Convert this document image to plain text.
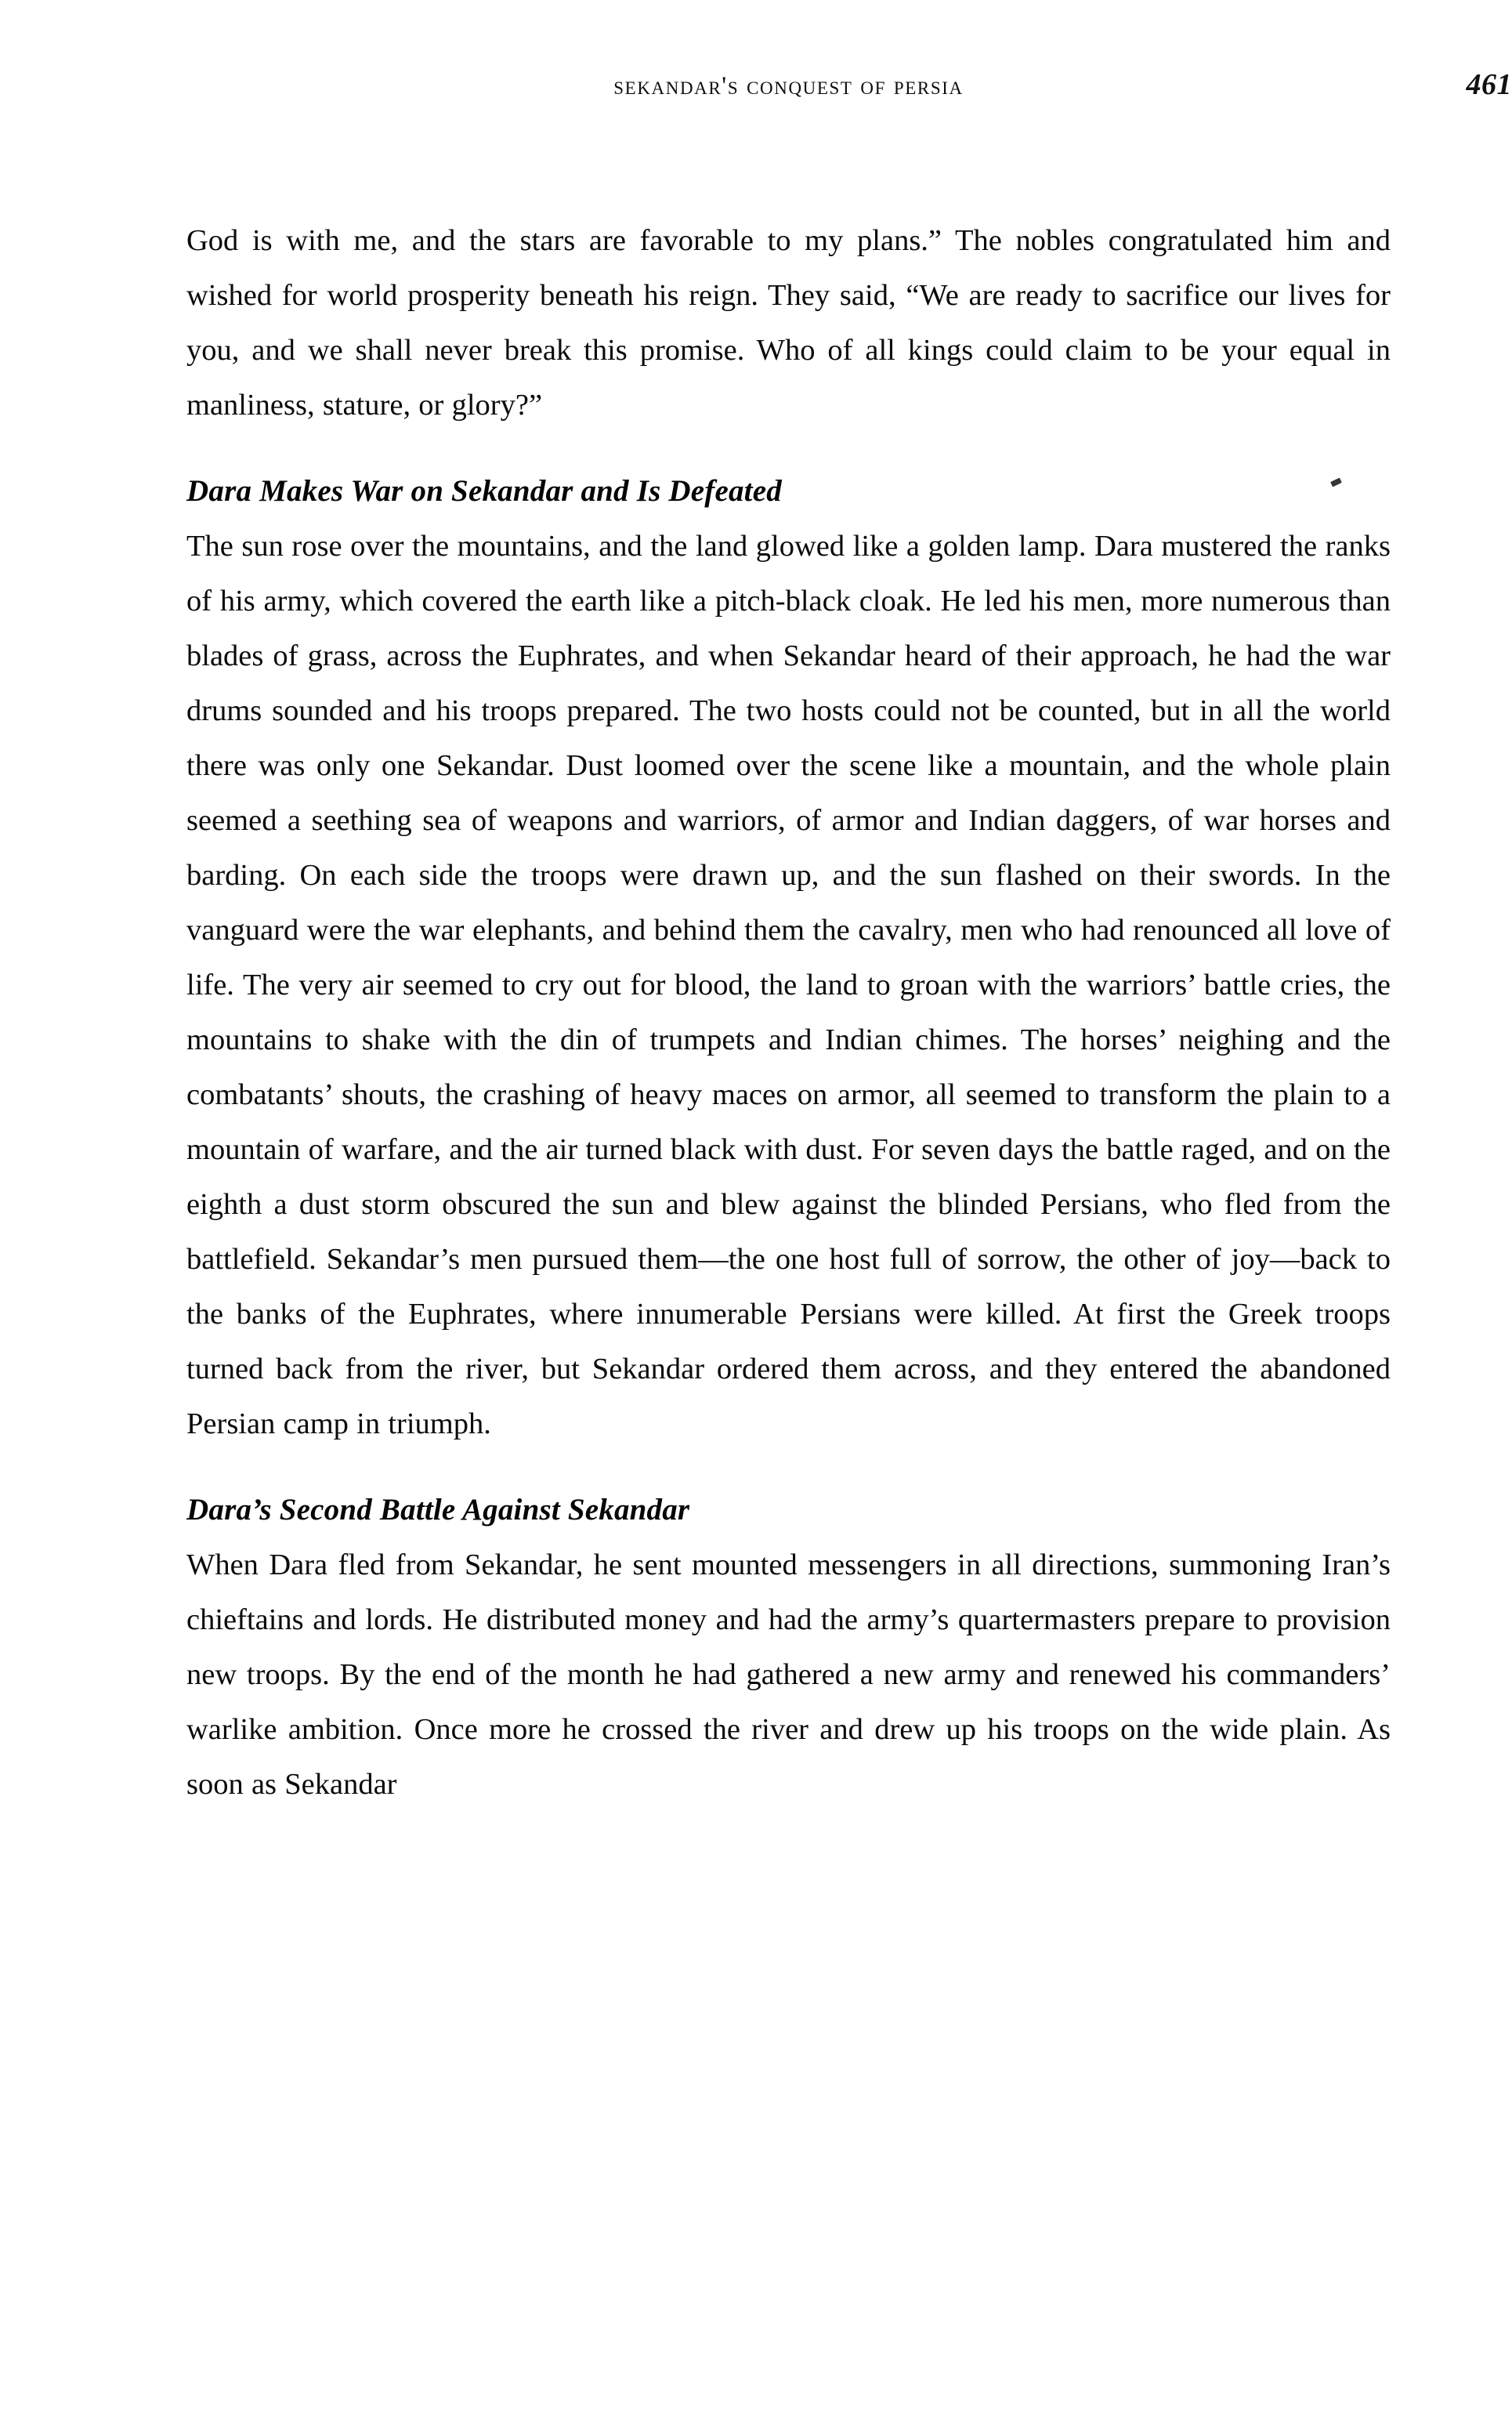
sekandar's conquest of persia	461

God is with me, and the stars are favorable to my plans.” The nobles congratulated him and wished for world prosperity beneath his reign. They said, “We are ready to sacrifice our lives for you, and we shall never break this promise. Who of all kings could claim to be your equal in manliness, stature, or glory?”

Dara Makes War on Sekandar and Is Defeated

The sun rose over the mountains, and the land glowed like a golden lamp. Dara mustered the ranks of his army, which covered the earth like a pitch-black cloak. He led his men, more numerous than blades of grass, across the Euphrates, and when Sekandar heard of their approach, he had the war drums sounded and his troops prepared. The two hosts could not be counted, but in all the world there was only one Sekandar. Dust loomed over the scene like a mountain, and the whole plain seemed a seething sea of weapons and warriors, of armor and Indian daggers, of war horses and barding. On each side the troops were drawn up, and the sun flashed on their swords. In the vanguard were the war elephants, and behind them the cavalry, men who had renounced all love of life. The very air seemed to cry out for blood, the land to groan with the warriors’ battle cries, the mountains to shake with the din of trumpets and Indian chimes. The horses’ neighing and the combatants’ shouts, the crashing of heavy maces on armor, all seemed to transform the plain to a mountain of warfare, and the air turned black with dust. For seven days the battle raged, and on the eighth a dust storm obscured the sun and blew against the blinded Persians, who fled from the battlefield. Sekandar’s men pursued them—the one host full of sorrow, the other of joy—back to the banks of the Euphrates, where innumerable Persians were killed. At first the Greek troops turned back from the river, but Sekandar ordered them across, and they entered the abandoned Persian camp in triumph.

Dara’s Second Battle Against Sekandar

When Dara fled from Sekandar, he sent mounted messengers in all directions, summoning Iran’s chieftains and lords. He distributed money and had the army’s quartermasters prepare to provision new troops. By the end of the month he had gathered a new army and renewed his commanders’ warlike ambition. Once more he crossed the river and drew up his troops on the wide plain. As soon as Sekandar
